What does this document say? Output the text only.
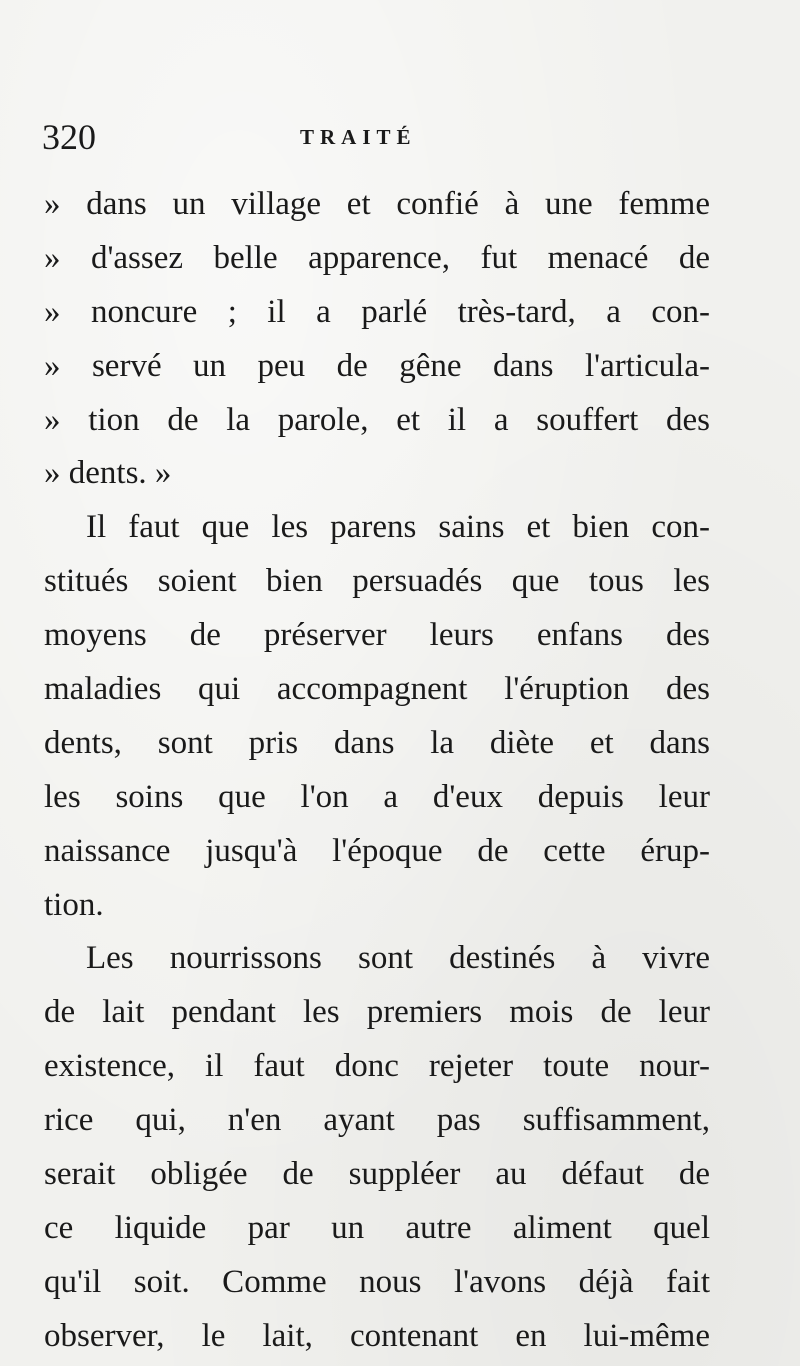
320	TRAITÉ
» dans un village et confié à une femme
» d'assez belle apparence, fut menacé de
» noncure ; il a parlé très-tard, a con-
» servé un peu de gêne dans l'articula-
» tion de la parole, et il a souffert des
» dents. »
Il faut que les parens sains et bien con-
stitués soient bien persuadés que tous les
moyens de préserver leurs enfans des
maladies qui accompagnent l'éruption des
dents, sont pris dans la diète et dans
les soins que l'on a d'eux depuis leur
naissance jusqu'à l'époque de cette érup-
tion.
Les nourrissons sont destinés à vivre
de lait pendant les premiers mois de leur
existence, il faut donc rejeter toute nour-
rice qui, n'en ayant pas suffisamment,
serait obligée de suppléer au défaut de
ce liquide par un autre aliment quel
qu'il soit. Comme nous l'avons déjà fait
observer, le lait, contenant en lui-même
